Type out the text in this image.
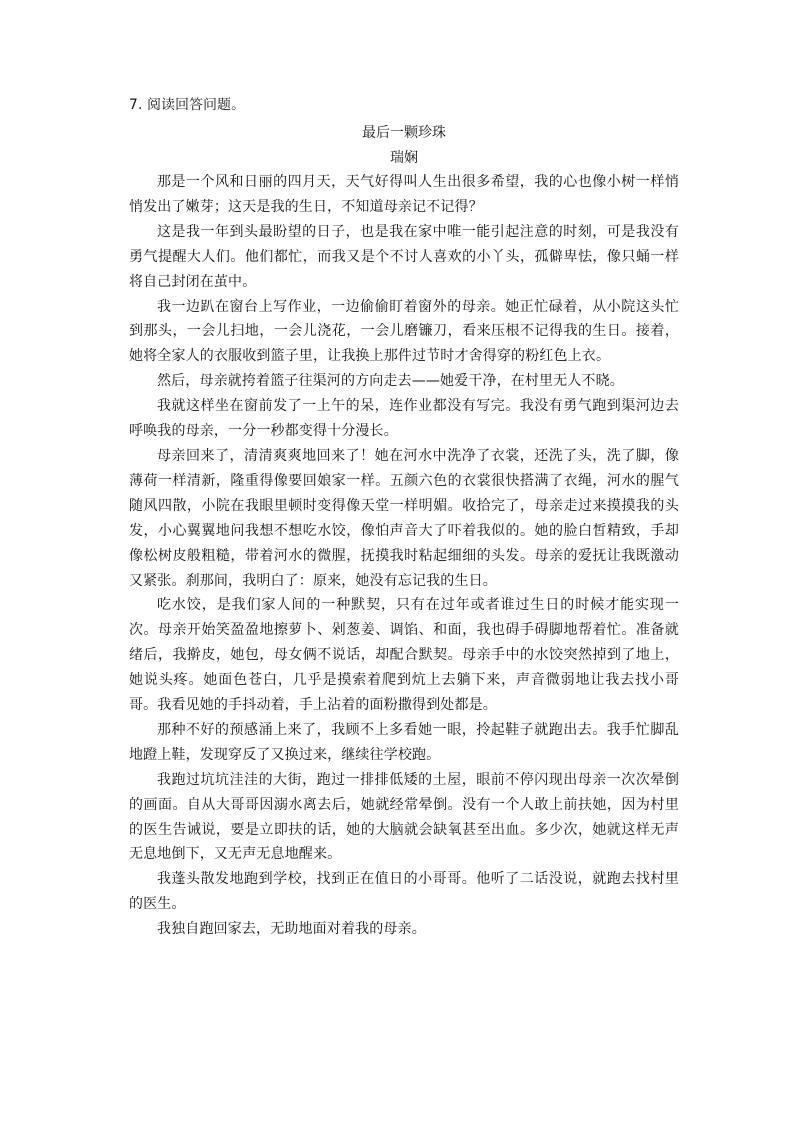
7. 阅读回答问题。

最后一颗珍珠

瑞娴

那是一个风和日丽的四月天，天气好得叫人生出很多希望，我的心也像小树一样悄悄发出了嫩芽；这天是我的生日，不知道母亲记不记得？

这是我一年到头最盼望的日子，也是我在家中唯一能引起注意的时刻，可是我没有勇气提醒大人们。他们都忙，而我又是个不讨人喜欢的小丫头，孤僻卑怯，像只蛹一样将自己封闭在茧中。

我一边趴在窗台上写作业，一边偷偷盯着窗外的母亲。她正忙碌着，从小院这头忙到那头，一会儿扫地，一会儿浇花，一会儿磨镰刀，看来压根不记得我的生日。接着，她将全家人的衣服收到篮子里，让我换上那件过节时才舍得穿的粉红色上衣。

然后，母亲就挎着篮子往渠河的方向走去——她爱干净，在村里无人不晓。

我就这样坐在窗前发了一上午的呆，连作业都没有写完。我没有勇气跑到渠河边去呼唤我的母亲，一分一秒都变得十分漫长。

母亲回来了，清清爽爽地回来了！她在河水中洗净了衣裳，还洗了头，洗了脚，像薄荷一样清新，隆重得像要回娘家一样。五颜六色的衣裳很快搭满了衣绳，河水的腥气随风四散，小院在我眼里顿时变得像天堂一样明媚。收拾完了，母亲走过来摸摸我的头发，小心翼翼地问我想不想吃水饺，像怕声音大了吓着我似的。她的脸白皙精致，手却像松树皮般粗糙，带着河水的微腥，抚摸我时粘起细细的头发。母亲的爱抚让我既激动又紧张。刹那间，我明白了：原来，她没有忘记我的生日。

吃水饺，是我们家人间的一种默契，只有在过年或者谁过生日的时候才能实现一次。母亲开始笑盈盈地擦萝卜、剁葱姜、调馅、和面，我也碍手碍脚地帮着忙。准备就绪后，我擀皮，她包，母女俩不说话，却配合默契。母亲手中的水饺突然掉到了地上，她说头疼。她面色苍白，几乎是摸索着爬到炕上去躺下来，声音微弱地让我去找小哥哥。我看见她的手抖动着，手上沾着的面粉撒得到处都是。

那种不好的预感涌上来了，我顾不上多看她一眼，拎起鞋子就跑出去。我手忙脚乱地蹬上鞋，发现穿反了又换过来，继续往学校跑。

我跑过坑坑洼洼的大街，跑过一排排低矮的土屋，眼前不停闪现出母亲一次次晕倒的画面。自从大哥哥因溺水离去后，她就经常晕倒。没有一个人敢上前扶她，因为村里的医生告诫说，要是立即扶的话，她的大脑就会缺氧甚至出血。多少次，她就这样无声无息地倒下，又无声无息地醒来。

我蓬头散发地跑到学校，找到正在值日的小哥哥。他听了二话没说，就跑去找村里的医生。

我独自跑回家去，无助地面对着我的母亲。
